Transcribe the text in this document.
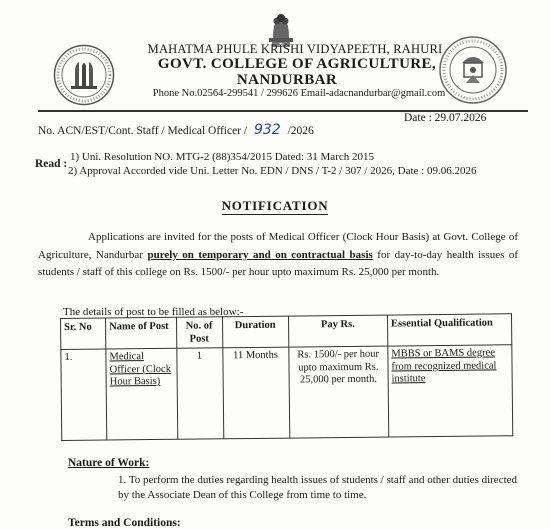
MAHATMA PHULE KRISHI VIDYAPEETH, RAHURI
GOVT. COLLEGE OF AGRICULTURE,
NANDURBAR
Phone No.02564-299541 / 299626 Email-adacnandurbar@gmail.com
No. ACN/EST/Cont. Staff / Medical Officer / 932 /2026
Date : 29.07.2026
Read :
1) Uni. Resolution NO. MTG-2 (88)354/2015 Dated: 31 March 2015
2) Approval Accorded vide Uni. Letter No. EDN / DNS / T-2 / 307 / 2026, Date : 09.06.2026
NOTIFICATION
Applications are invited for the posts of Medical Officer (Clock Hour Basis) at Govt. College of Agriculture, Nandurbar purely on temporary and on contractual basis for day-to-day health issues of students / staff of this college on Rs. 1500/- per hour upto maximum Rs. 25,000 per month.
The details of post to be filled as below:-
Sr. No	Name of Post	No. of Post	Duration	Pay Rs.	Essential Qualification
1.	Medical Officer (Clock Hour Basis)	1	11 Months	Rs. 1500/- per hour upto maximum Rs. 25,000 per month.	MBBS or BAMS degree from recognized medical institute
Nature of Work:
1. To perform the duties regarding health issues of students / staff and other duties directed by the Associate Dean of this College from time to time.
Terms and Conditions:
